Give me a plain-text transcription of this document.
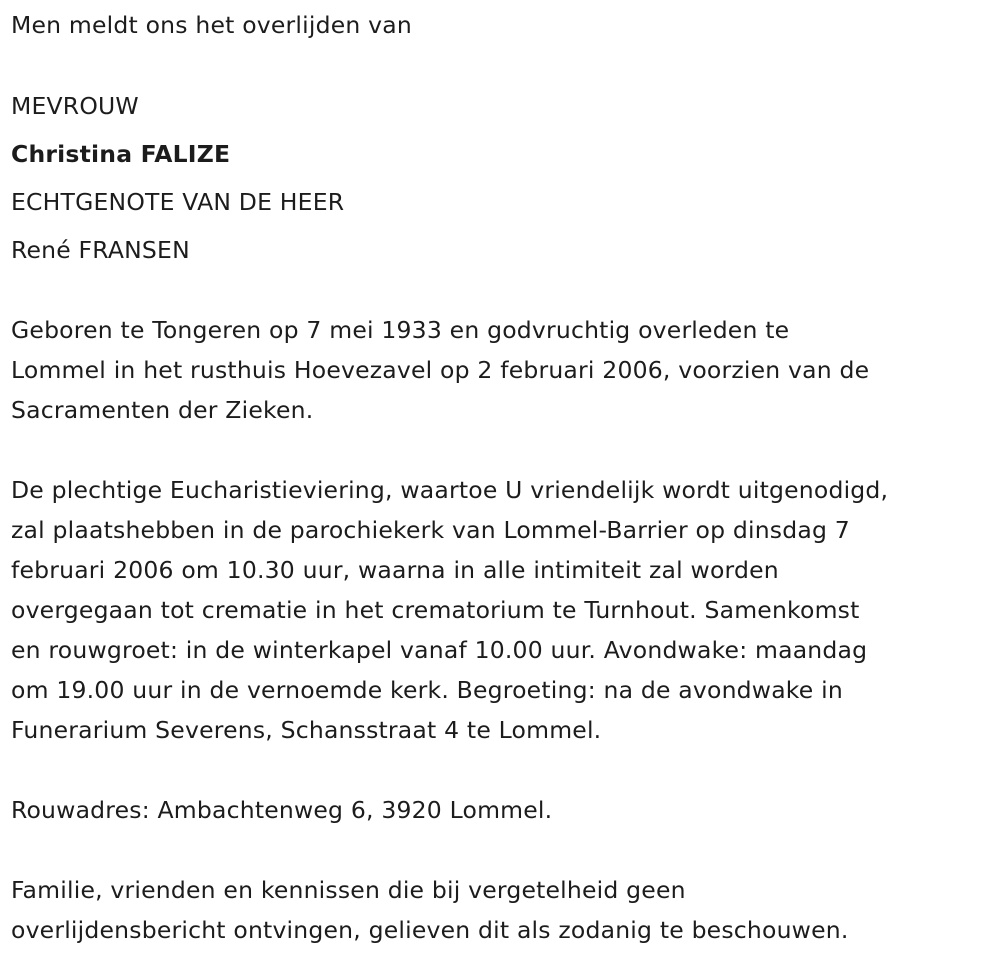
Men meldt ons het overlijden van
MEVROUW
Christina FALIZE
ECHTGENOTE VAN DE HEER
René FRANSEN
Geboren te Tongeren op 7 mei 1933 en godvruchtig overleden te
Lommel in het rusthuis Hoevezavel op 2 februari 2006, voorzien van de
Sacramenten der Zieken.
De plechtige Eucharistieviering, waartoe U vriendelijk wordt uitgenodigd,
zal plaatshebben in de parochiekerk van Lommel-Barrier op dinsdag 7
februari 2006 om 10.30 uur, waarna in alle intimiteit zal worden
overgegaan tot crematie in het crematorium te Turnhout. Samenkomst
en rouwgroet: in de winterkapel vanaf 10.00 uur. Avondwake: maandag
om 19.00 uur in de vernoemde kerk. Begroeting: na de avondwake in
Funerarium Severens, Schansstraat 4 te Lommel.
Rouwadres: Ambachtenweg 6, 3920 Lommel.
Familie, vrienden en kennissen die bij vergetelheid geen
overlijdensbericht ontvingen, gelieven dit als zodanig te beschouwen.
